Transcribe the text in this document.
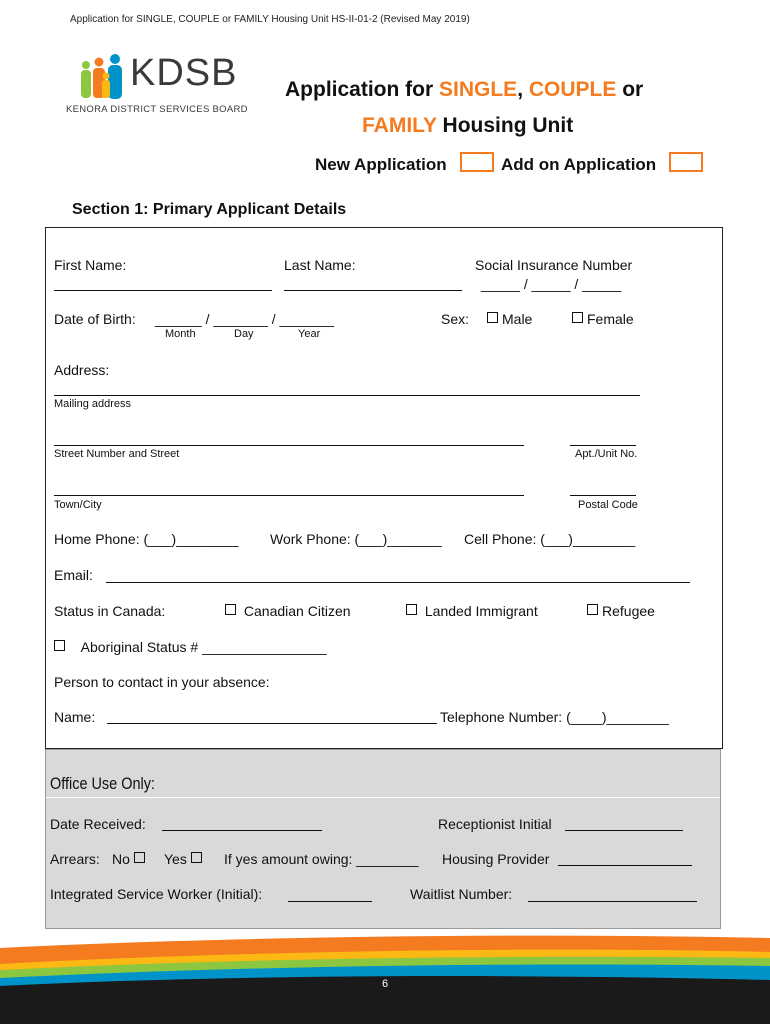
Application for SINGLE, COUPLE or FAMILY Housing Unit HS-II-01-2 (Revised May 2019)
KDSB
KENORA DISTRICT SERVICES BOARD
Application for SINGLE, COUPLE or
FAMILY Housing Unit
New Application	Add on Application
Section 1: Primary Applicant Details
First Name:	Last Name:	Social Insurance Number
_____ / _____ / _____
Date of Birth: ______ / _______ / _______
Month	Day	Year
Sex:	Male	Female
Address:
Mailing address
Street Number and Street	Apt./Unit No.
Town/City	Postal Code
Home Phone: (___)________ Work Phone: (___)_______ Cell Phone: (___)________
Email:
Status in Canada:	Canadian Citizen	Landed Immigrant	Refugee
Aboriginal Status # ________________
Person to contact in your absence:
Name:	Telephone Number: (____)________
Office Use Only:
Date Received:	Receptionist Initial
Arrears: No	Yes	If yes amount owing: ________ Housing Provider
Integrated Service Worker (Initial):	Waitlist Number:
6
